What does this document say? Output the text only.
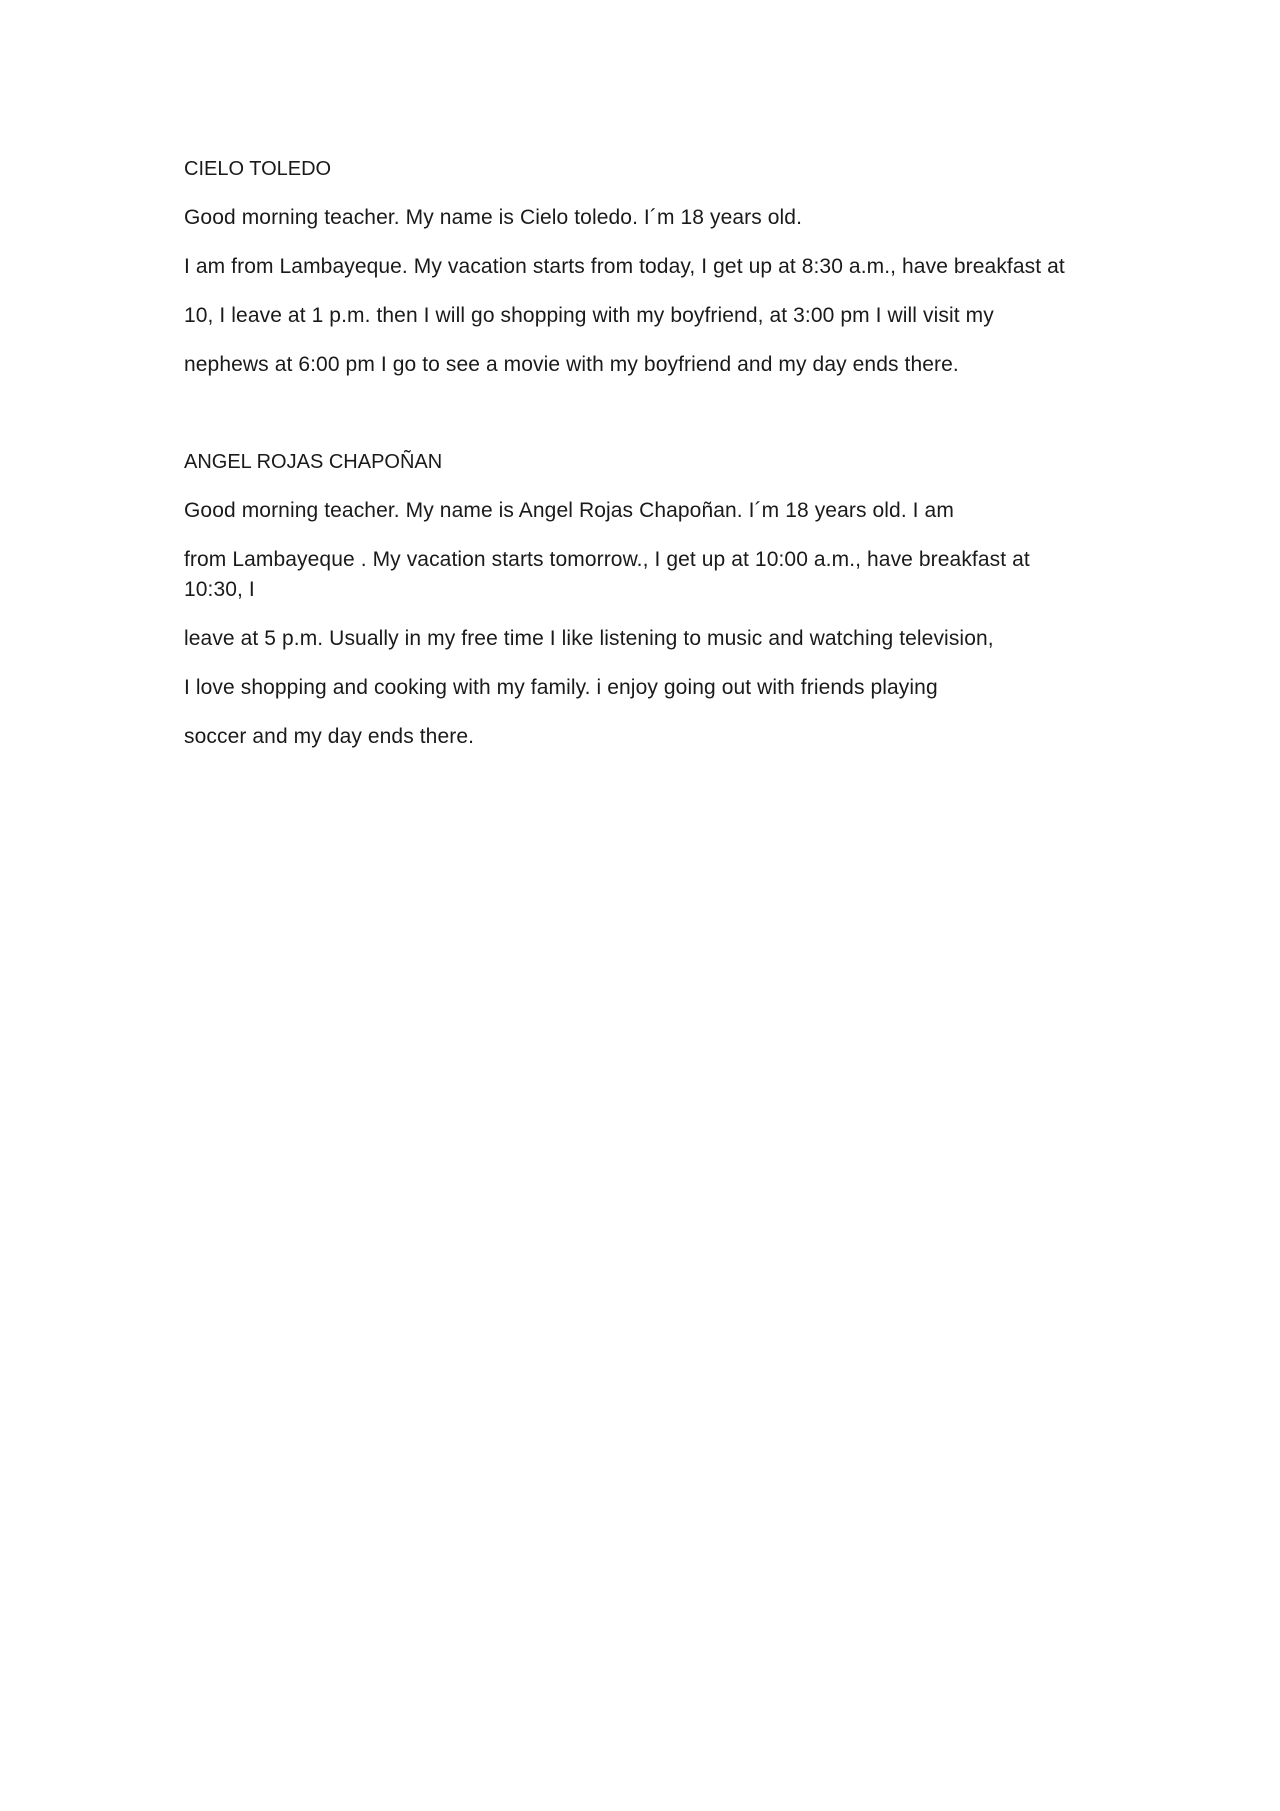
CIELO TOLEDO

Good morning teacher. My name is Cielo toledo. I´m 18 years old.

I am from Lambayeque. My vacation starts from today, I get up at 8:30 a.m., have breakfast at

10, I leave at 1 p.m. then I will go shopping with my boyfriend, at 3:00 pm I will visit my

nephews at 6:00 pm I go to see a movie with my boyfriend and my day ends there.

ANGEL ROJAS CHAPOÑAN

Good morning teacher. My name is Angel Rojas Chapoñan. I´m 18 years old. I am

from Lambayeque . My vacation starts tomorrow., I get up at 10:00 a.m., have breakfast at 10:30, I

leave at 5 p.m. Usually in my free time I like listening to music and watching television,

I love shopping and cooking with my family. i enjoy going out with friends playing

soccer and my day ends there.
